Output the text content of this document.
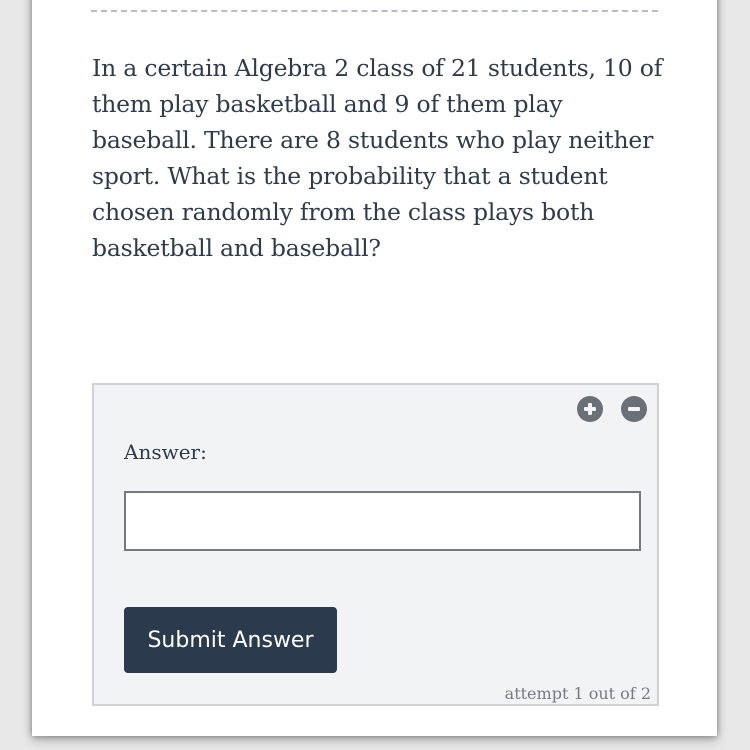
In a certain Algebra 2 class of 21 students, 10 of them play basketball and 9 of them play baseball. There are 8 students who play neither sport. What is the probability that a student chosen randomly from the class plays both basketball and baseball?

Answer:
Submit Answer
attempt 1 out of 2
